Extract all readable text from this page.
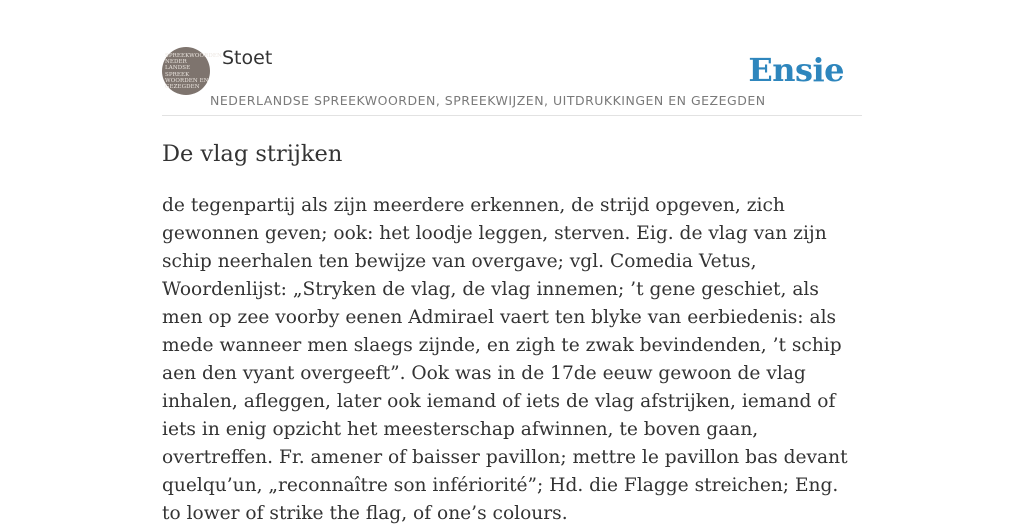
SPREEKWOORDEN
NEDER
LANDSE
SPREEK
WOORDEN EN
GEZEGDEN
Stoet
NEDERLANDSE SPREEKWOORDEN, SPREEKWIJZEN, UITDRUKKINGEN EN GEZEGDEN
Ensie
De vlag strijken

de tegenpartij als zijn meerdere erkennen, de strijd opgeven, zich gewonnen geven; ook: het loodje leggen, sterven. Eig. de vlag van zijn schip neerhalen ten bewijze van overgave; vgl. Comedia Vetus, Woordenlijst: „Stryken de vlag, de vlag innemen; ’t gene geschiet, als men op zee voorby eenen Admirael vaert ten blyke van eerbiedenis: als mede wanneer men slaegs zijnde, en zigh te zwak bevindenden, ’t schip aen den vyant overgeeft”. Ook was in de 17de eeuw gewoon de vlag inhalen, afleggen, later ook iemand of iets de vlag afstrijken, iemand of iets in enig opzicht het meesterschap afwinnen, te boven gaan, overtreffen. Fr. amener of baisser pavillon; mettre le pavillon bas devant quelqu’un, „reconnaître son infériorité”; Hd. die Flagge streichen; Eng. to lower of strike the flag, of one’s colours.
